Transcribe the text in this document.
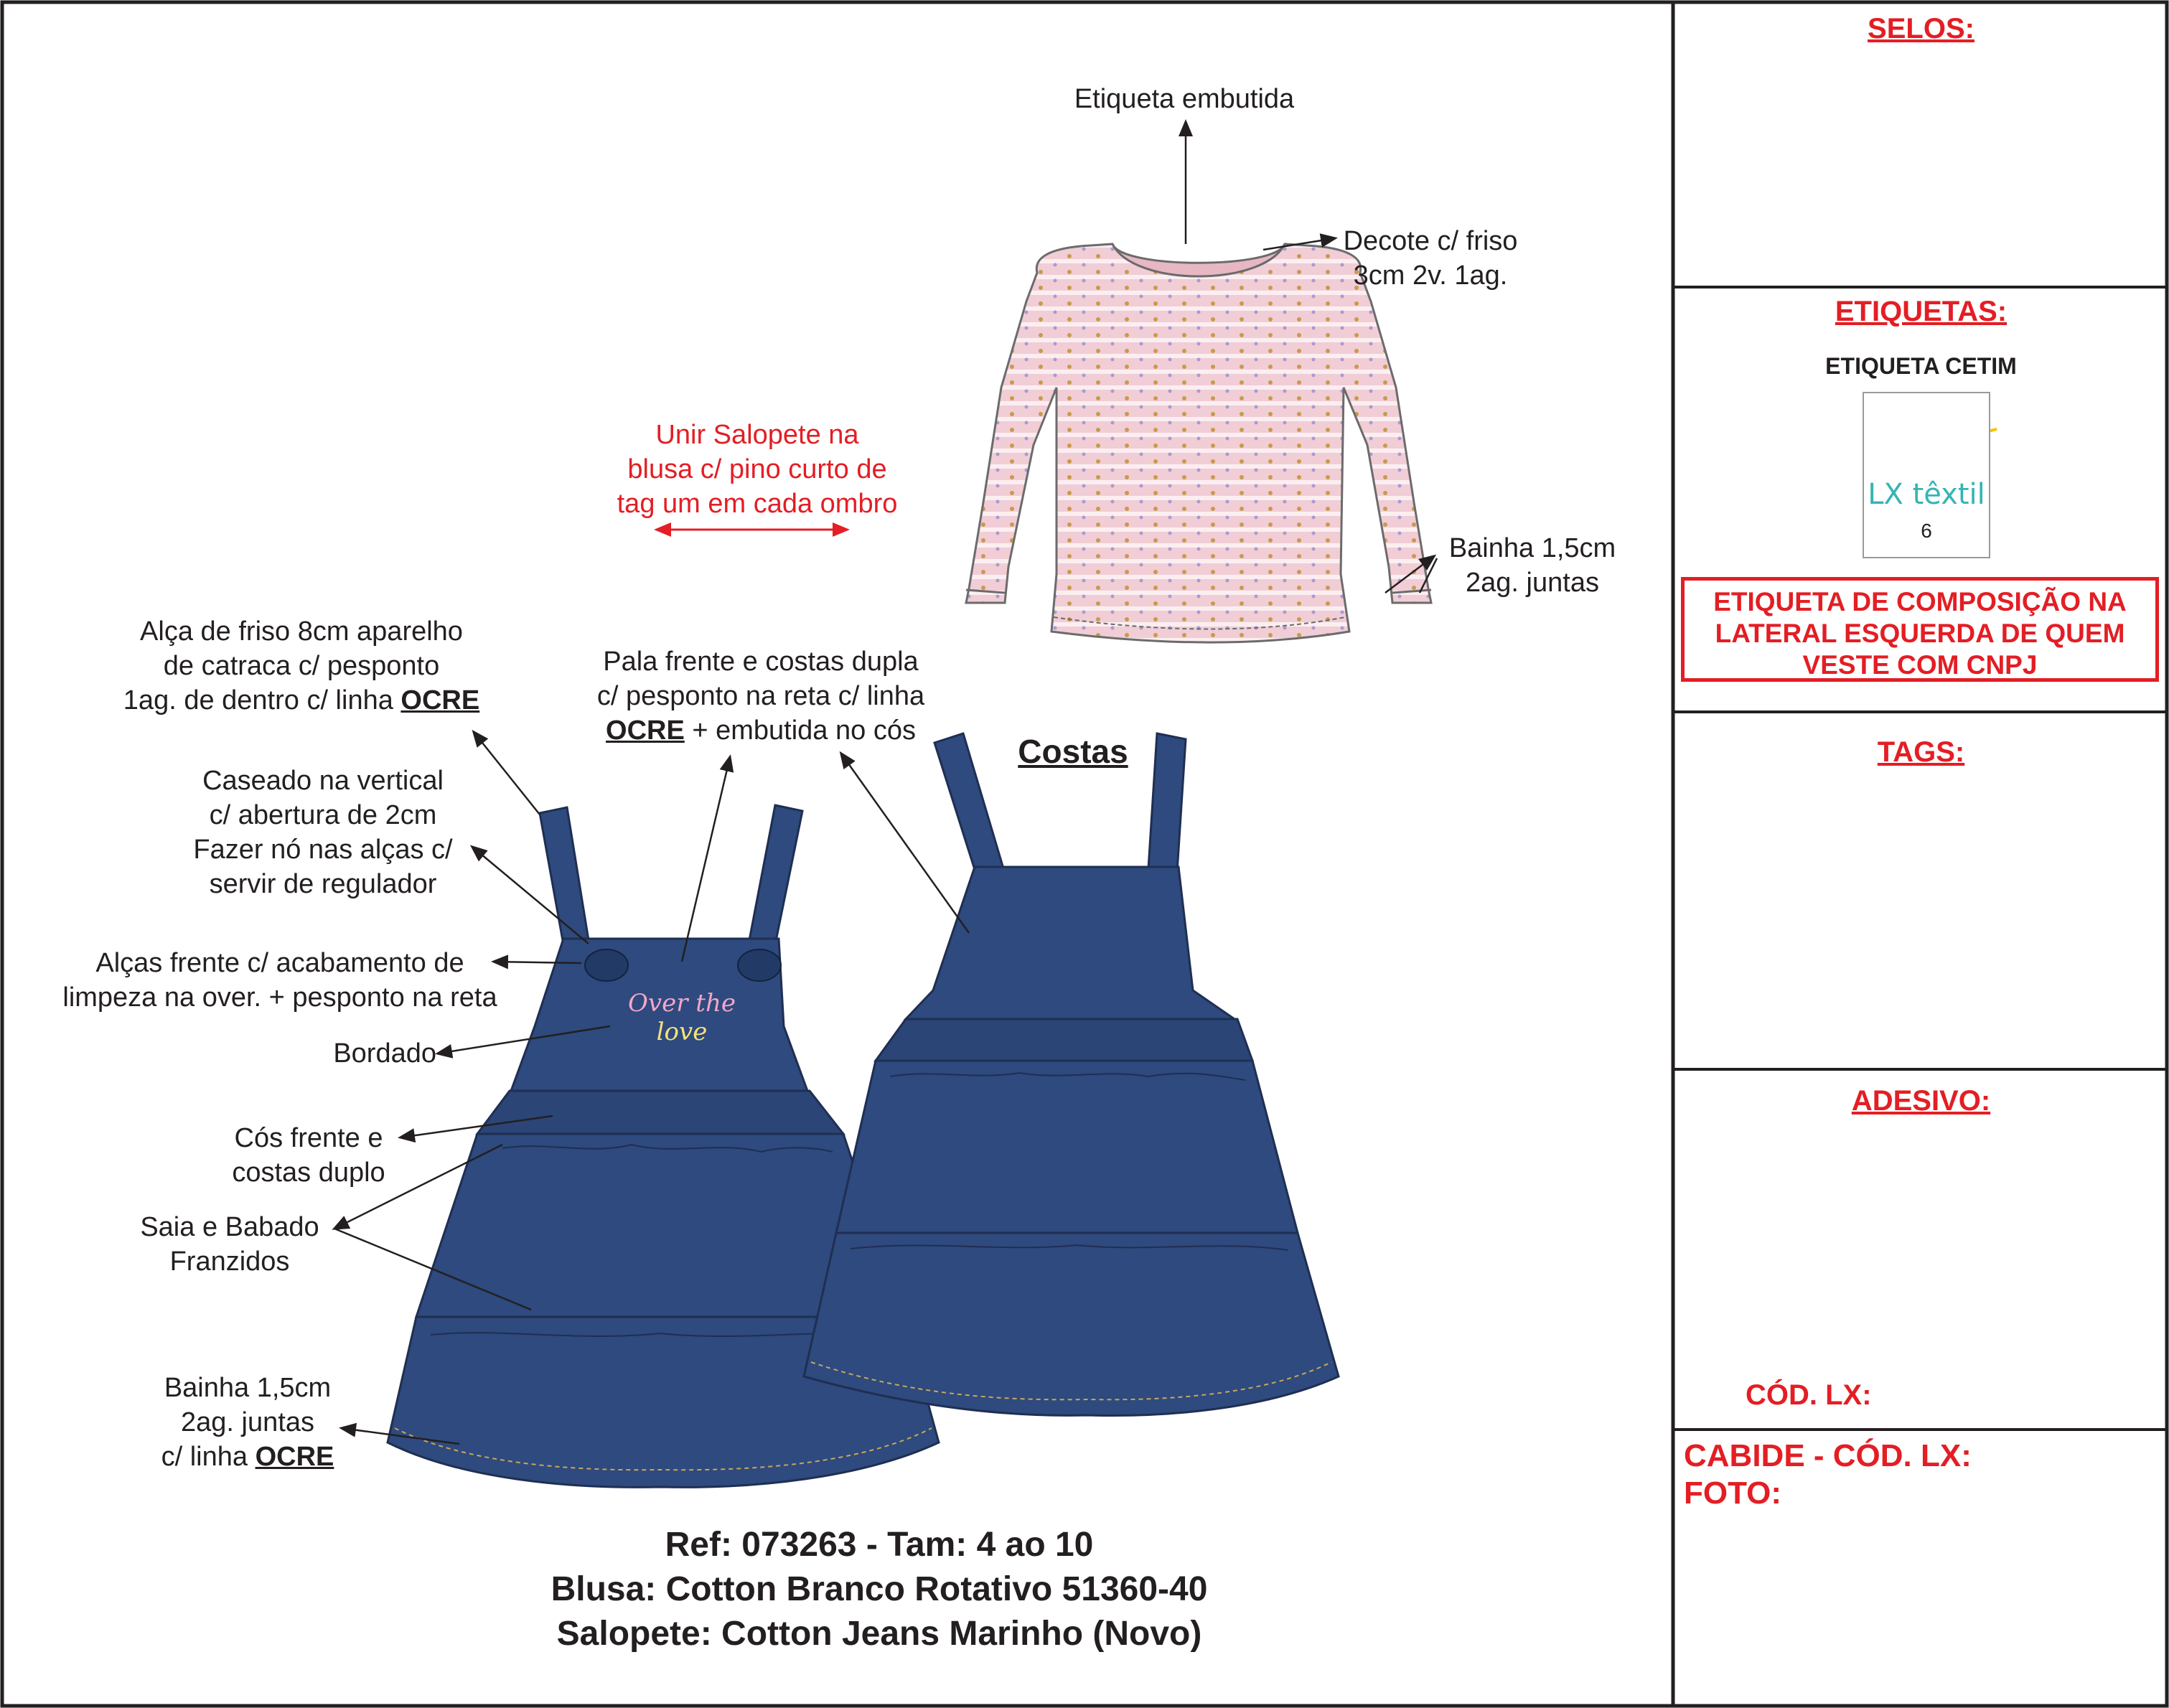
Etiqueta embutida
Decote c/ friso
3cm 2v. 1ag.
Bainha 1,5cm
2ag. juntas
Unir Salopete na
blusa c/ pino curto de
tag um em cada ombro
Alça de friso 8cm aparelho
de catraca c/ pesponto
1ag. de dentro c/ linha OCRE
Pala frente e costas dupla
c/ pesponto na reta c/ linha
OCRE + embutida no cós
Costas
Caseado na vertical
c/ abertura de 2cm
Fazer nó nas alças c/
servir de regulador
Alças frente c/ acabamento de
limpeza na over. + pesponto na reta
Bordado
Cós frente e
costas duplo
Saia e Babado
Franzidos
Bainha 1,5cm
2ag. juntas
c/ linha OCRE
Over the
love
Ref: 073263 - Tam: 4 ao 10
Blusa: Cotton Branco Rotativo 51360-40
Salopete: Cotton Jeans Marinho (Novo)
SELOS:
ETIQUETAS:
ETIQUETA CETIM
LX têxtil
6
ETIQUETA DE COMPOSIÇÃO NA
LATERAL ESQUERDA DE QUEM
VESTE COM CNPJ
TAGS:
ADESIVO:
CÓD. LX:
CABIDE - CÓD. LX:
FOTO:
